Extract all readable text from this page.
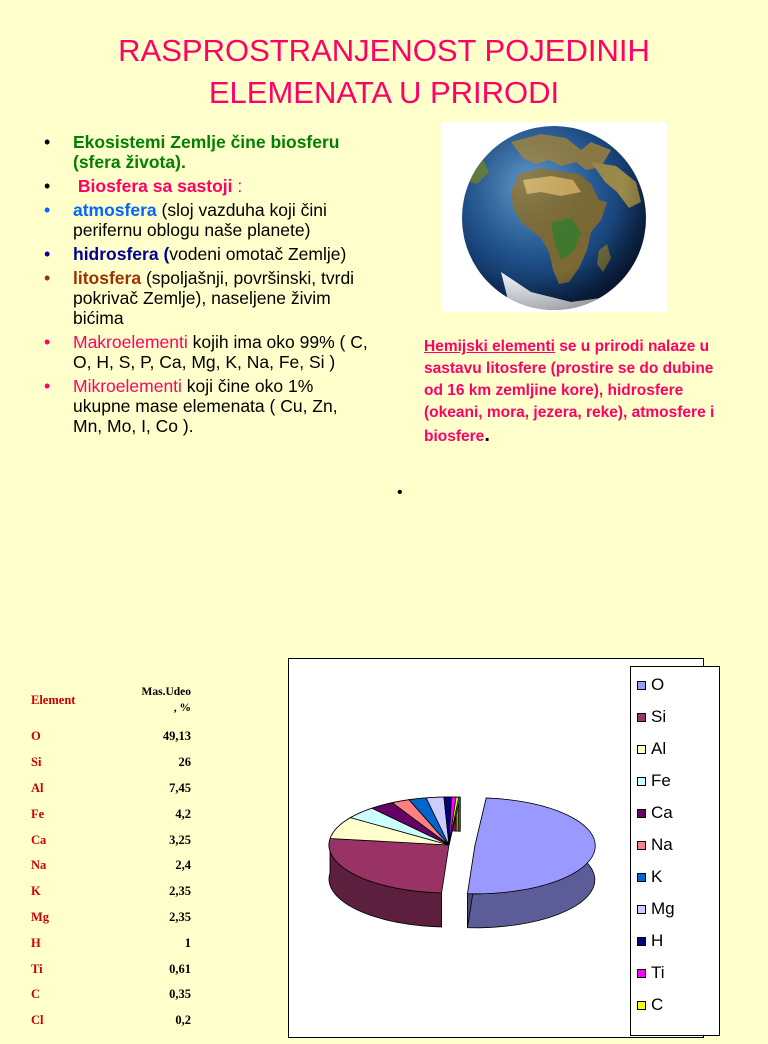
RASPROSTRANJENOST POJEDINIH
ELEMENATA U PRIRODI
• Ekosistemi Zemlje čine biosferu (sfera života).
• Biosfera sa sastoji :
• atmosfera (sloj vazduha koji čini perifernu oblogu naše planete)
• hidrosfera (vodeni omotač Zemlje)
• litosfera (spoljašnji, površinski, tvrdi pokrivač Zemlje), naseljene živim bićima
• Makroelementi kojih ima oko 99% ( C, O, H, S, P, Ca, Mg, K, Na, Fe, Si )
• Mikroelementi koji čine oko 1% ukupne mase elemenata ( Cu, Zn, Mn, Mo, I, Co ).
Hemijski elementi se u prirodi nalaze u sastavu litosfere (prostire se do dubine od 16 km zemljine kore), hidrosfere (okeani, mora, jezera, reke), atmosfere i biosfere.
•
Element	Mas.Udeo
, %
O	49,13
Si	26
Al	7,45
Fe	4,2
Ca	3,25
Na	2,4
K	2,35
Mg	2,35
H	1
Ti	0,61
C	0,35
Cl	0,2
O
Si
Al
Fe
Ca
Na
K
Mg
H
Ti
C
